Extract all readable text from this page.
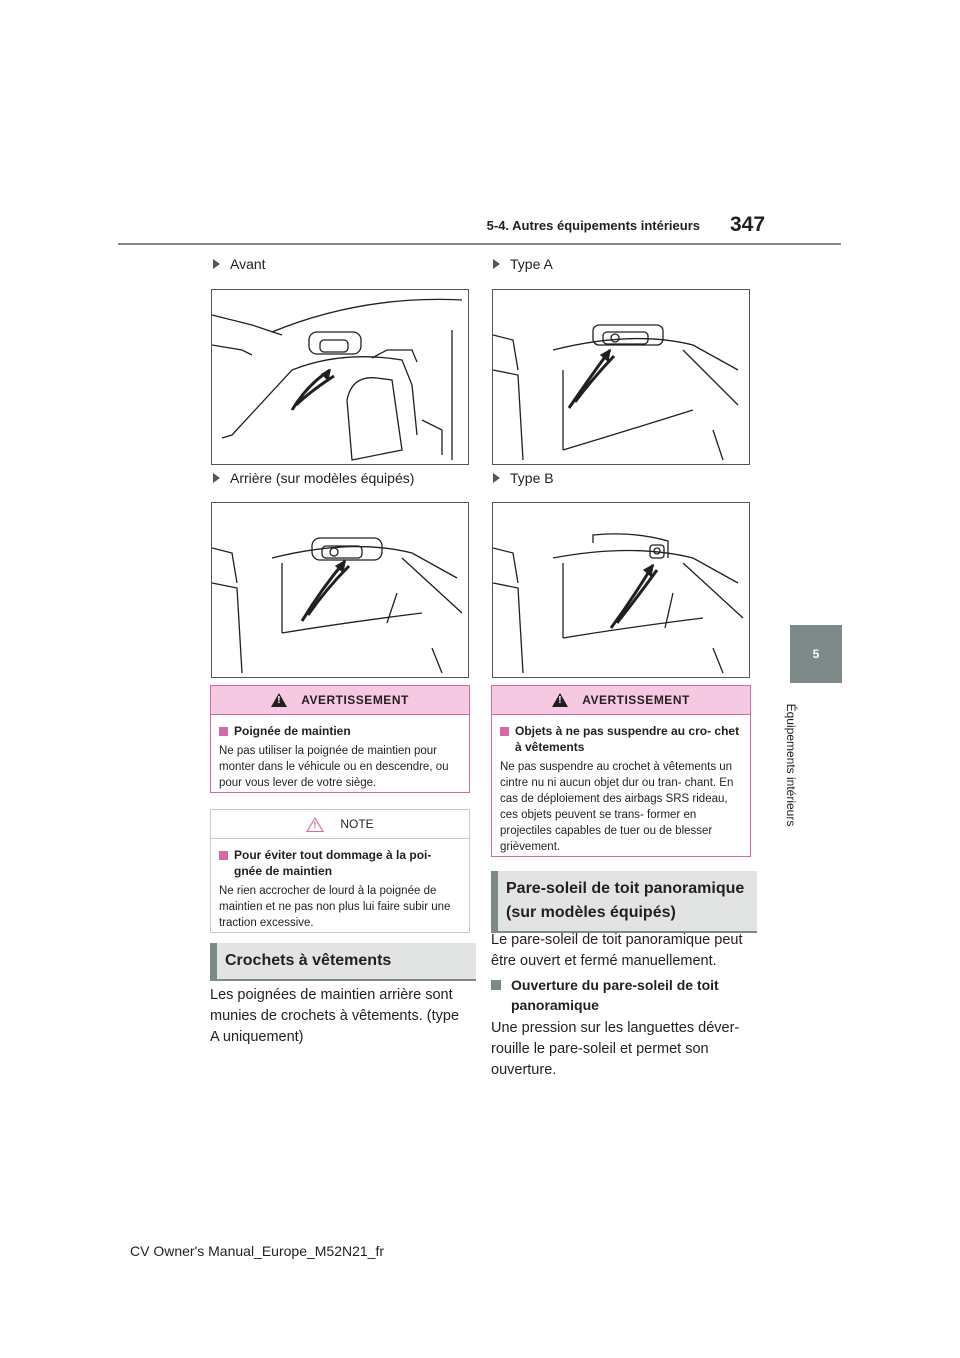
5-4. Autres équipements intérieurs 347
5
Équipements intérieurs
Avant	Type A
Arrière (sur modèles équipés)	Type B
!
AVERTISSEMENT
Poignée de maintien
Ne pas utiliser la poignée de maintien pour monter dans le véhicule ou en descendre, ou pour vous lever de votre siège.
!
NOTE
Pour éviter tout dommage à la poi- gnée de maintien
Ne rien accrocher de lourd à la poignée de maintien et ne pas non plus lui faire subir une traction excessive.
Crochets à vêtements
Les poignées de maintien arrière sont munies de crochets à vêtements. (type A uniquement)
!
AVERTISSEMENT
Objets à ne pas suspendre au cro- chet à vêtements
Ne pas suspendre au crochet à vêtements un cintre nu ni aucun objet dur ou tran- chant. En cas de déploiement des airbags SRS rideau, ces objets peuvent se trans- former en projectiles capables de tuer ou de blesser grièvement.
Pare-soleil de toit panoramique (sur modèles équipés)
Le pare-soleil de toit panoramique peut être ouvert et fermé manuellement.
Ouverture du pare-soleil de toit panoramique
Une pression sur les languettes déver- rouille le pare-soleil et permet son ouverture.
CV Owner's Manual_Europe_M52N21_fr
